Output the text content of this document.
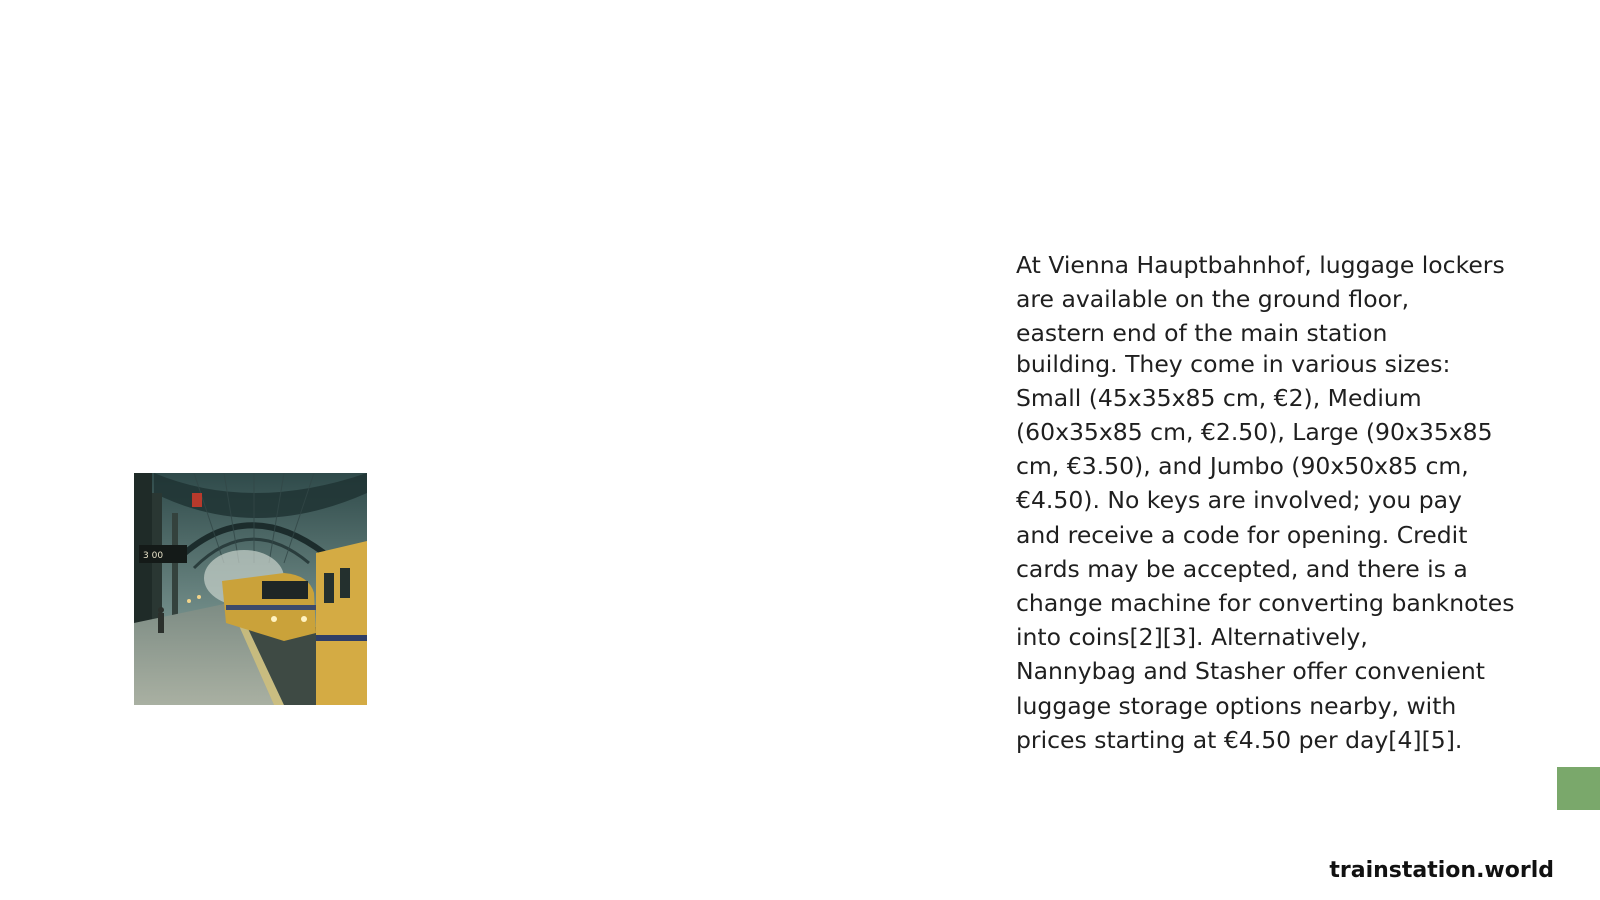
3 00
At Vienna Hauptbahnhof, luggage lockers
are available on the ground floor,
eastern end of the main station
building. They come in various sizes:
Small (45x35x85 cm, €2), Medium
(60x35x85 cm, €2.50), Large (90x35x85
cm, €3.50), and Jumbo (90x50x85 cm,
€4.50). No keys are involved; you pay
and receive a code for opening. Credit
cards may be accepted, and there is a
change machine for converting banknotes
into coins[2][3]. Alternatively,
Nannybag and Stasher offer convenient
luggage storage options nearby, with
prices starting at €4.50 per day[4][5].
trainstation.world
